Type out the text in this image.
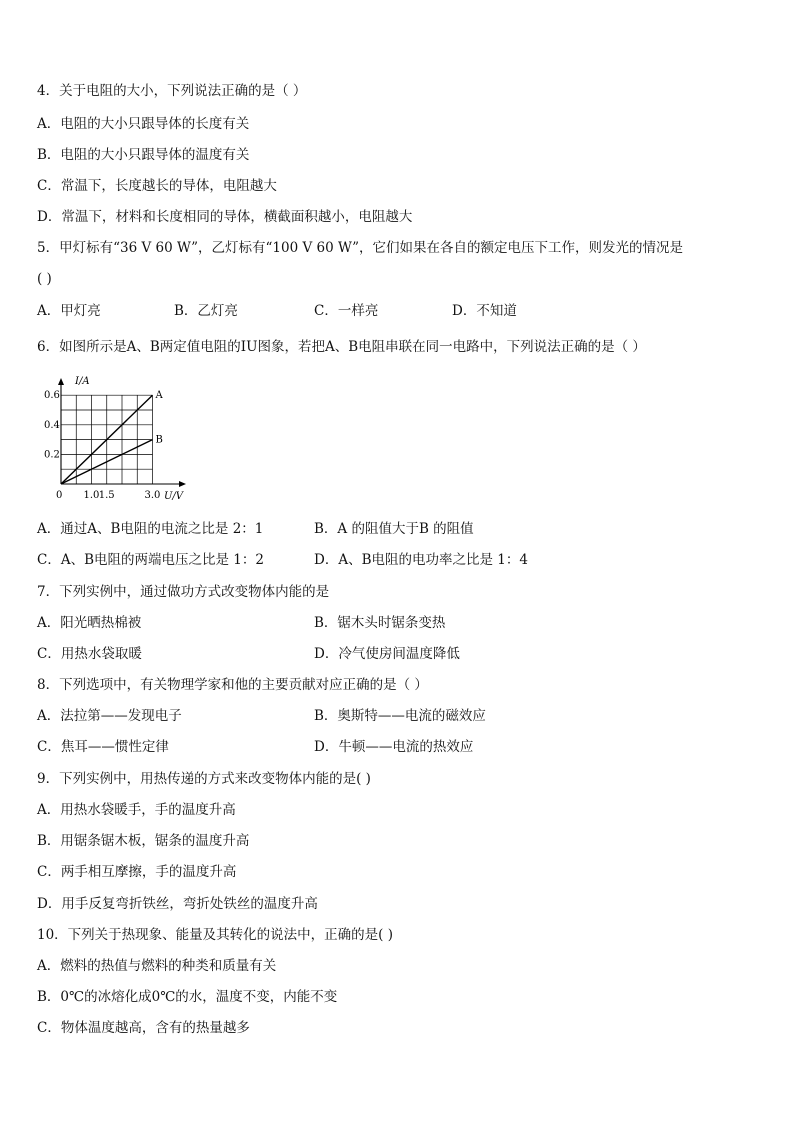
4．关于电阻的大小，下列说法正确的是（ ）
A．电阻的大小只跟导体的长度有关
B．电阻的大小只跟导体的温度有关
C．常温下，长度越长的导体，电阻越大
D．常温下，材料和长度相同的导体，横截面积越小，电阻越大
5．甲灯标有“36 V 60 W”，乙灯标有“100 V 60 W”，它们如果在各自的额定电压下工作，则发光的情况是
( )
A．甲灯亮	B．乙灯亮	C．一样亮	D．不知道
6．如图所示是A、B两定值电阻的IU图象，若把A、B电阻串联在同一电路中，下列说法正确的是（ ）
A
B
0.2
0.4
0.6
1.0 1.5	3.0
I/A
U/V
0
A．通过A、B电阻的电流之比是 2：1	B．A 的阻值大于B 的阻值
C．A、B电阻的两端电压之比是 1：2	D．A、B电阻的电功率之比是 1：4
7．下列实例中，通过做功方式改变物体内能的是
A．阳光晒热棉被	B．锯木头时锯条变热
C．用热水袋取暖	D．冷气使房间温度降低
8．下列选项中，有关物理学家和他的主要贡献对应正确的是（ ）
A．法拉第——发现电子	B．奥斯特——电流的磁效应
C．焦耳——惯性定律	D．牛顿——电流的热效应
9．下列实例中，用热传递的方式来改变物体内能的是( )
A．用热水袋暖手，手的温度升高
B．用锯条锯木板，锯条的温度升高
C．两手相互摩擦，手的温度升高
D．用手反复弯折铁丝，弯折处铁丝的温度升高
10．下列关于热现象、能量及其转化的说法中，正确的是( )
A．燃料的热值与燃料的种类和质量有关
B．0℃的冰熔化成0℃的水，温度不变，内能不变
C．物体温度越高，含有的热量越多
